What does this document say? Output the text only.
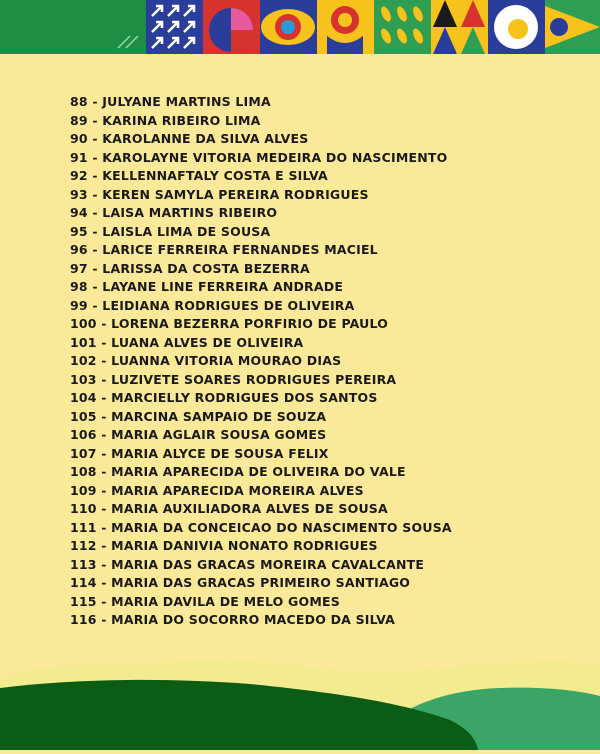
88 - JULYANE MARTINS LIMA
89 - KARINA RIBEIRO LIMA
90 - KAROLANNE DA SILVA ALVES
91 - KAROLAYNE VITORIA MEDEIRA DO NASCIMENTO
92 - KELLENNAFTALY COSTA E SILVA
93 - KEREN SAMYLA PEREIRA RODRIGUES
94 - LAISA MARTINS RIBEIRO
95 - LAISLA LIMA DE SOUSA
96 - LARICE FERREIRA FERNANDES MACIEL
97 - LARISSA DA COSTA BEZERRA
98 - LAYANE LINE FERREIRA ANDRADE
99 - LEIDIANA RODRIGUES DE OLIVEIRA
100 - LORENA BEZERRA PORFIRIO DE PAULO
101 - LUANA ALVES DE OLIVEIRA
102 - LUANNA VITORIA MOURAO DIAS
103 - LUZIVETE SOARES RODRIGUES PEREIRA
104 - MARCIELLY RODRIGUES DOS SANTOS
105 - MARCINA SAMPAIO DE SOUZA
106 - MARIA AGLAIR SOUSA GOMES
107 - MARIA ALYCE DE SOUSA FELIX
108 - MARIA APARECIDA DE OLIVEIRA DO VALE
109 - MARIA APARECIDA MOREIRA ALVES
110 - MARIA AUXILIADORA ALVES DE SOUSA
111 - MARIA DA CONCEICAO DO NASCIMENTO SOUSA
112 - MARIA DANIVIA NONATO RODRIGUES
113 - MARIA DAS GRACAS MOREIRA CAVALCANTE
114 - MARIA DAS GRACAS PRIMEIRO SANTIAGO
115 - MARIA DAVILA DE MELO GOMES
116 - MARIA DO SOCORRO MACEDO DA SILVA
